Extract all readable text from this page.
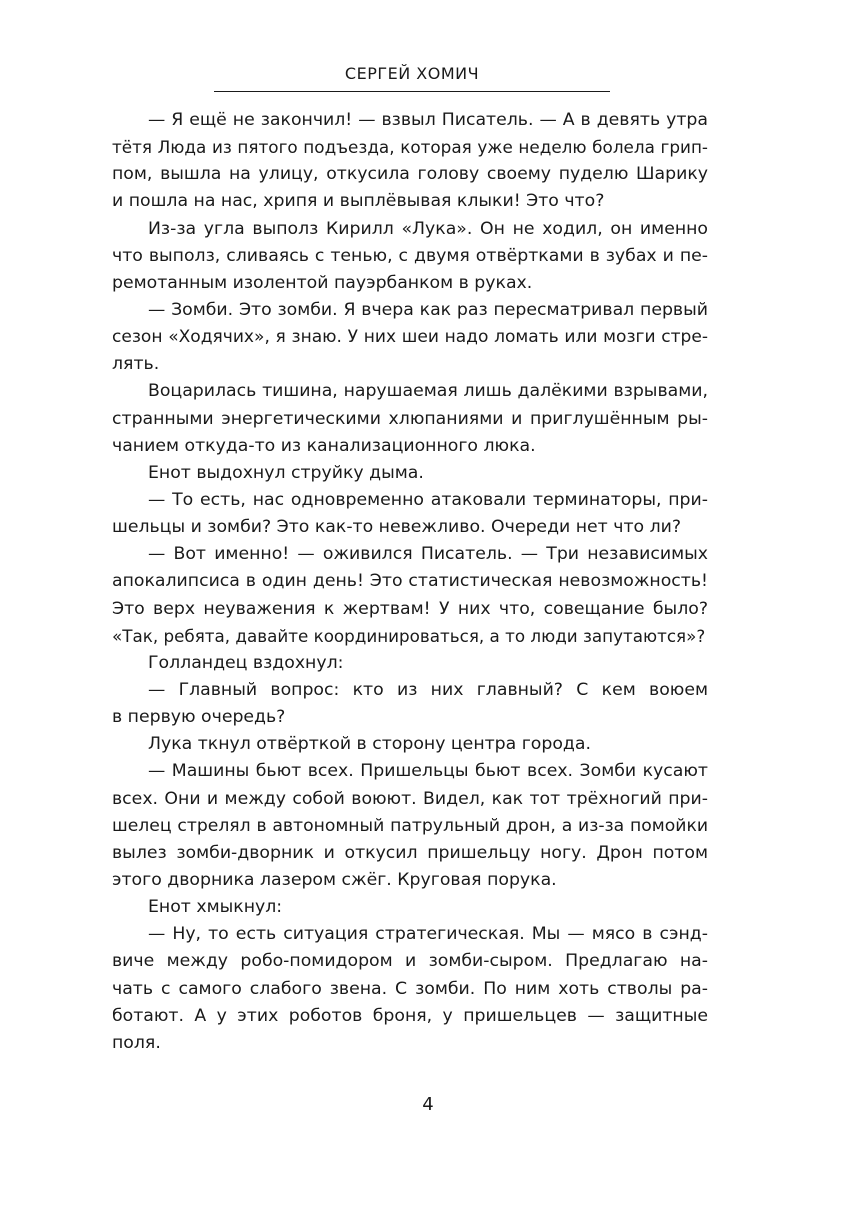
СЕРГЕЙ ХОМИЧ
— Я ещё не закончил! — взвыл Писатель. — А в девять утра
тётя Люда из пятого подъезда, которая уже неделю болела грип-
пом, вышла на улицу, откусила голову своему пуделю Шарику
и пошла на нас, хрипя и выплёвывая клыки! Это что?
Из-за угла выполз Кирилл «Лука». Он не ходил, он именно
что выполз, сливаясь с тенью, с двумя отвёртками в зубах и пе-
ремотанным изолентой пауэрбанком в руках.
— Зомби. Это зомби. Я вчера как раз пересматривал первый
сезон «Ходячих», я знаю. У них шеи надо ломать или мозги стре-
лять.
Воцарилась тишина, нарушаемая лишь далёкими взрывами,
странными энергетическими хлюпаниями и приглушённым ры-
чанием откуда-то из канализационного люка.
Енот выдохнул струйку дыма.
— То есть, нас одновременно атаковали терминаторы, при-
шельцы и зомби? Это как-то невежливо. Очереди нет что ли?
— Вот именно! — оживился Писатель. — Три независимых
апокалипсиса в один день! Это статистическая невозможность!
Это верх неуважения к жертвам! У них что, совещание было?
«Так, ребята, давайте координироваться, а то люди запутаются»?
Голландец вздохнул:
— Главный вопрос: кто из них главный? С кем воюем
в первую очередь?
Лука ткнул отвёрткой в сторону центра города.
— Машины бьют всех. Пришельцы бьют всех. Зомби кусают
всех. Они и между собой воюют. Видел, как тот трёхногий при-
шелец стрелял в автономный патрульный дрон, а из-за помойки
вылез зомби-дворник и откусил пришельцу ногу. Дрон потом
этого дворника лазером сжёг. Круговая порука.
Енот хмыкнул:
— Ну, то есть ситуация стратегическая. Мы — мясо в сэнд-
виче между робо-помидором и зомби-сыром. Предлагаю на-
чать с самого слабого звена. С зомби. По ним хоть стволы ра-
ботают. А у этих роботов броня, у пришельцев — защитные
поля.
4
